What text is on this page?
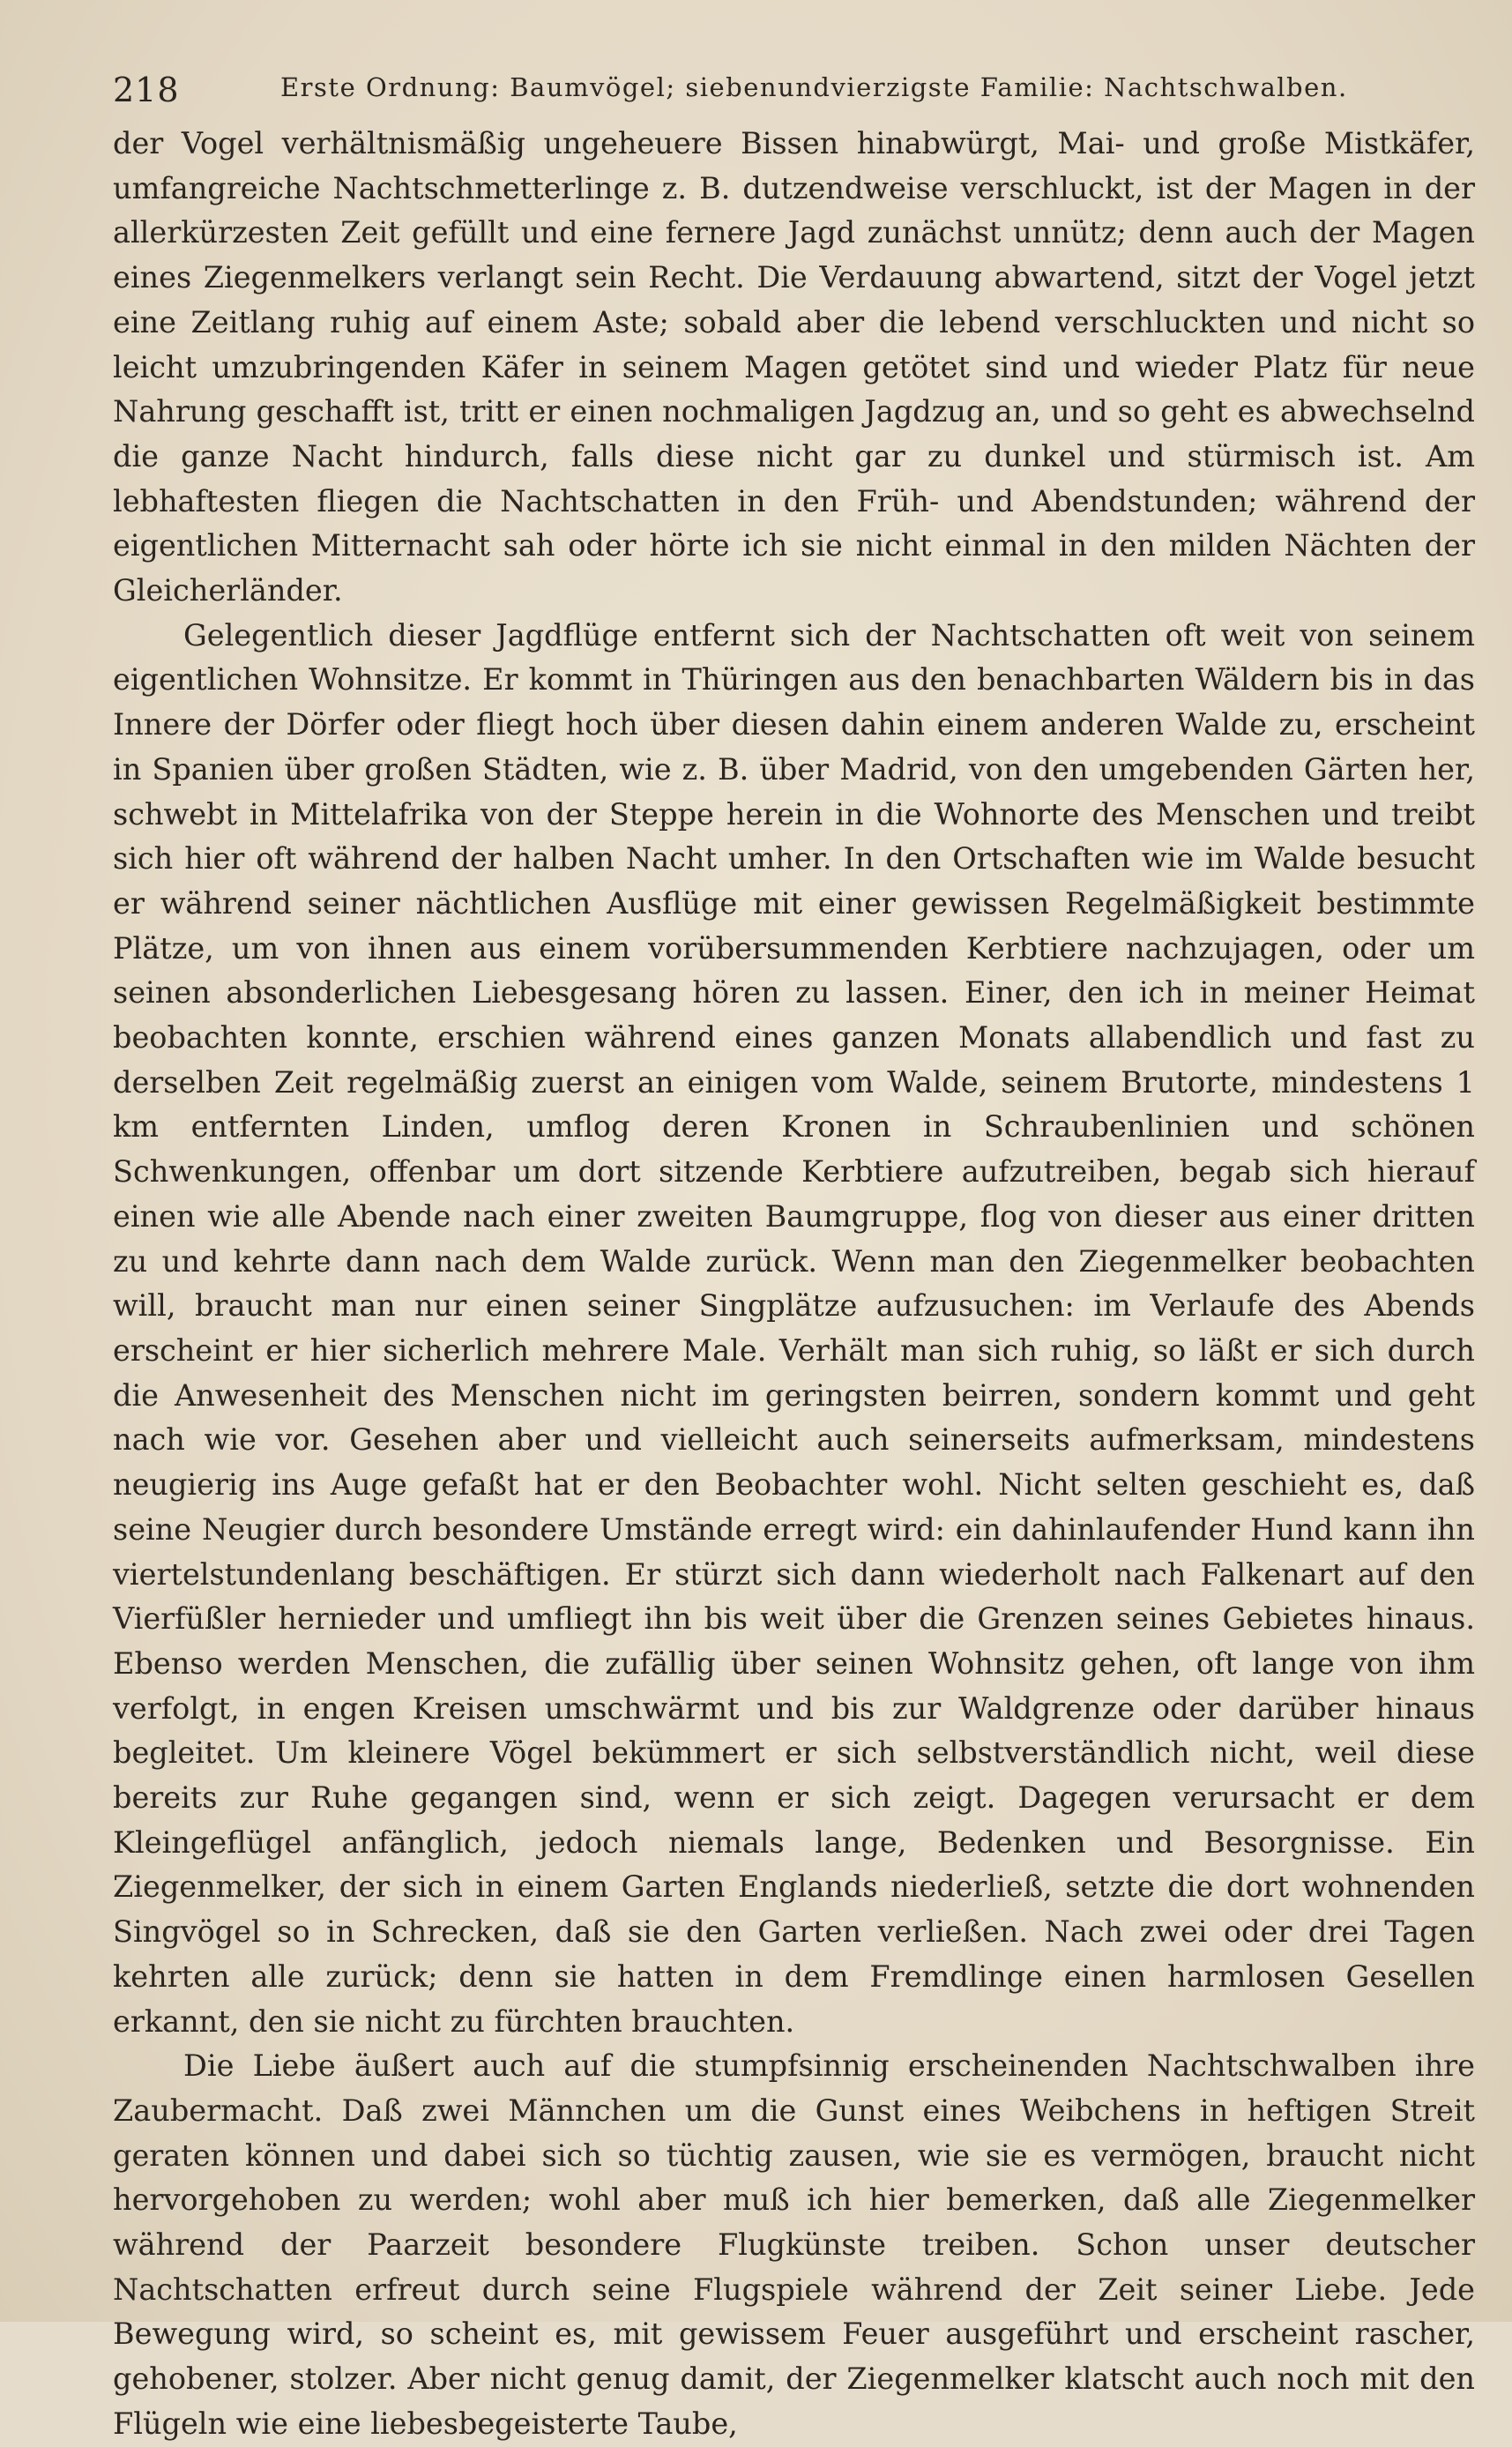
218	Erste Ordnung: Baumvögel; siebenundvierzigste Familie: Nachtschwalben.

der Vogel verhältnismäßig ungeheuere Bissen hinabwürgt, Mai- und große Mistkäfer, umfangreiche Nachtschmetterlinge z. B. dutzendweise verschluckt, ist der Magen in der allerkürzesten Zeit gefüllt und eine fernere Jagd zunächst unnütz; denn auch der Magen eines Ziegenmelkers verlangt sein Recht. Die Verdauung abwartend, sitzt der Vogel jetzt eine Zeitlang ruhig auf einem Aste; sobald aber die lebend verschluckten und nicht so leicht umzubringenden Käfer in seinem Magen getötet sind und wieder Platz für neue Nahrung geschafft ist, tritt er einen nochmaligen Jagdzug an, und so geht es abwechselnd die ganze Nacht hindurch, falls diese nicht gar zu dunkel und stürmisch ist. Am lebhaftesten fliegen die Nachtschatten in den Früh- und Abendstunden; während der eigentlichen Mitternacht sah oder hörte ich sie nicht einmal in den milden Nächten der Gleicherländer.

Gelegentlich dieser Jagdflüge entfernt sich der Nachtschatten oft weit von seinem eigentlichen Wohnsitze. Er kommt in Thüringen aus den benachbarten Wäldern bis in das Innere der Dörfer oder fliegt hoch über diesen dahin einem anderen Walde zu, erscheint in Spanien über großen Städten, wie z. B. über Madrid, von den umgebenden Gärten her, schwebt in Mittelafrika von der Steppe herein in die Wohnorte des Menschen und treibt sich hier oft während der halben Nacht umher. In den Ortschaften wie im Walde besucht er während seiner nächtlichen Ausflüge mit einer gewissen Regelmäßigkeit bestimmte Plätze, um von ihnen aus einem vorübersummenden Kerbtiere nachzujagen, oder um seinen absonderlichen Liebesgesang hören zu lassen. Einer, den ich in meiner Heimat beobachten konnte, erschien während eines ganzen Monats allabendlich und fast zu derselben Zeit regelmäßig zuerst an einigen vom Walde, seinem Brutorte, mindestens 1 km entfernten Linden, umflog deren Kronen in Schraubenlinien und schönen Schwenkungen, offenbar um dort sitzende Kerbtiere aufzutreiben, begab sich hierauf einen wie alle Abende nach einer zweiten Baumgruppe, flog von dieser aus einer dritten zu und kehrte dann nach dem Walde zurück. Wenn man den Ziegenmelker beobachten will, braucht man nur einen seiner Singplätze aufzusuchen: im Verlaufe des Abends erscheint er hier sicherlich mehrere Male. Verhält man sich ruhig, so läßt er sich durch die Anwesenheit des Menschen nicht im geringsten beirren, sondern kommt und geht nach wie vor. Gesehen aber und vielleicht auch seinerseits aufmerksam, mindestens neugierig ins Auge gefaßt hat er den Beobachter wohl. Nicht selten geschieht es, daß seine Neugier durch besondere Umstände erregt wird: ein dahinlaufender Hund kann ihn viertelstundenlang beschäftigen. Er stürzt sich dann wiederholt nach Falkenart auf den Vierfüßler hernieder und umfliegt ihn bis weit über die Grenzen seines Gebietes hinaus. Ebenso werden Menschen, die zufällig über seinen Wohnsitz gehen, oft lange von ihm verfolgt, in engen Kreisen umschwärmt und bis zur Waldgrenze oder darüber hinaus begleitet. Um kleinere Vögel bekümmert er sich selbstverständlich nicht, weil diese bereits zur Ruhe gegangen sind, wenn er sich zeigt. Dagegen verursacht er dem Kleingeflügel anfänglich, jedoch niemals lange, Bedenken und Besorgnisse. Ein Ziegenmelker, der sich in einem Garten Englands niederließ, setzte die dort wohnenden Singvögel so in Schrecken, daß sie den Garten verließen. Nach zwei oder drei Tagen kehrten alle zurück; denn sie hatten in dem Fremdlinge einen harmlosen Gesellen erkannt, den sie nicht zu fürchten brauchten.

Die Liebe äußert auch auf die stumpfsinnig erscheinenden Nachtschwalben ihre Zaubermacht. Daß zwei Männchen um die Gunst eines Weibchens in heftigen Streit geraten können und dabei sich so tüchtig zausen, wie sie es vermögen, braucht nicht hervorgehoben zu werden; wohl aber muß ich hier bemerken, daß alle Ziegenmelker während der Paarzeit besondere Flugkünste treiben. Schon unser deutscher Nachtschatten erfreut durch seine Flugspiele während der Zeit seiner Liebe. Jede Bewegung wird, so scheint es, mit gewissem Feuer ausgeführt und erscheint rascher, gehobener, stolzer. Aber nicht genug damit, der Ziegenmelker klatscht auch noch mit den Flügeln wie eine liebesbegeisterte Taube,
